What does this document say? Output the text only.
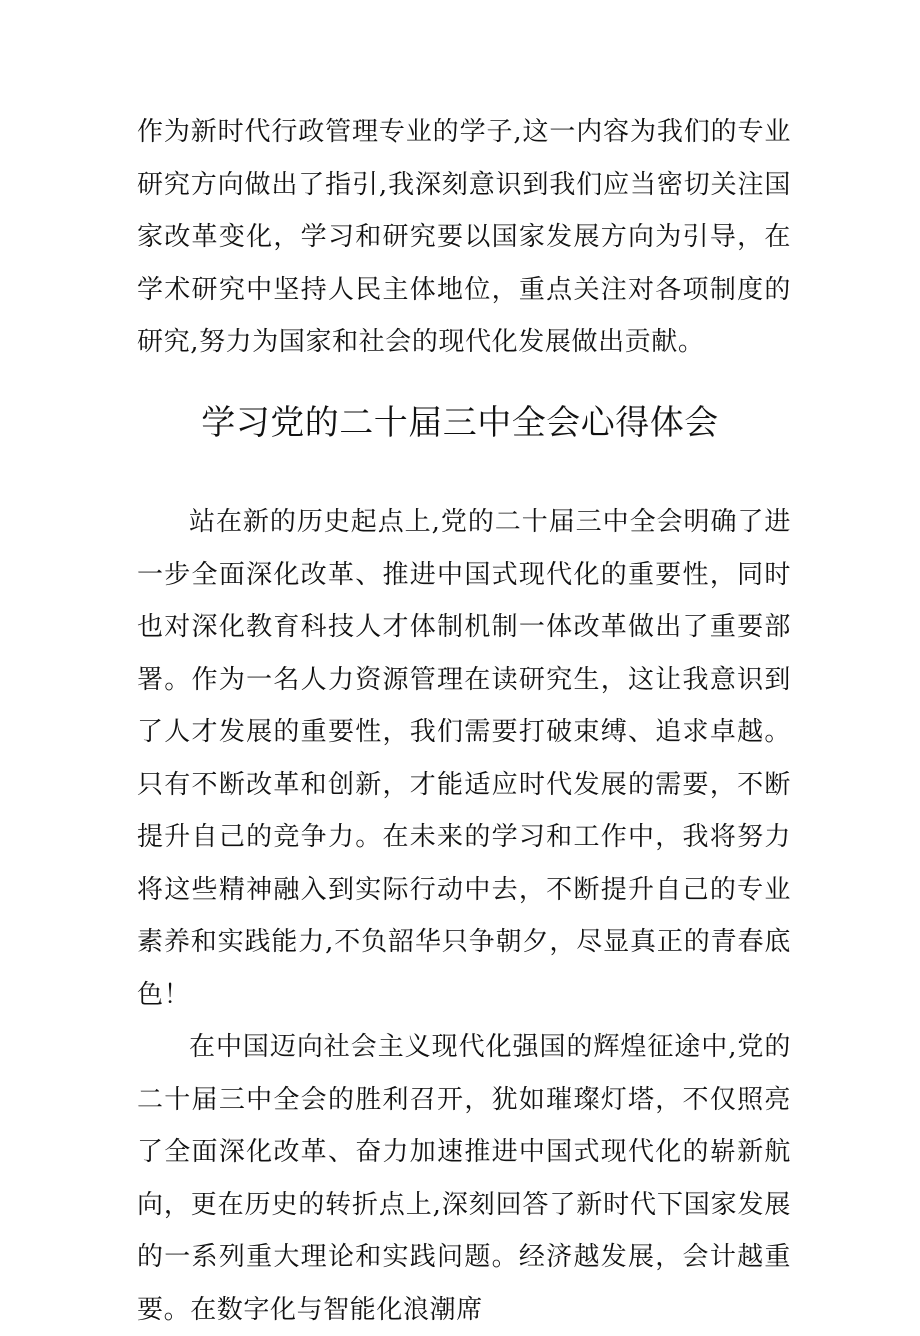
作为新时代行政管理专业的学子,这一内容为我们的专业研究方向做出了指引,我深刻意识到我们应当密切关注国家改革变化，学习和研究要以国家发展方向为引导，在学术研究中坚持人民主体地位，重点关注对各项制度的研究,努力为国家和社会的现代化发展做出贡献。

学习党的二十届三中全会心得体会

站在新的历史起点上,党的二十届三中全会明确了进一步全面深化改革、推进中国式现代化的重要性，同时也对深化教育科技人才体制机制一体改革做出了重要部署。作为一名人力资源管理在读研究生，这让我意识到了人才发展的重要性，我们需要打破束缚、追求卓越。只有不断改革和创新，才能适应时代发展的需要，不断提升自己的竞争力。在未来的学习和工作中，我将努力将这些精神融入到实际行动中去，不断提升自己的专业素养和实践能力,不负韶华只争朝夕，尽显真正的青春底色！

在中国迈向社会主义现代化强国的辉煌征途中,党的二十届三中全会的胜利召开，犹如璀璨灯塔，不仅照亮了全面深化改革、奋力加速推进中国式现代化的崭新航向，更在历史的转折点上,深刻回答了新时代下国家发展的一系列重大理论和实践问题。经济越发展，会计越重要。在数字化与智能化浪潮席
